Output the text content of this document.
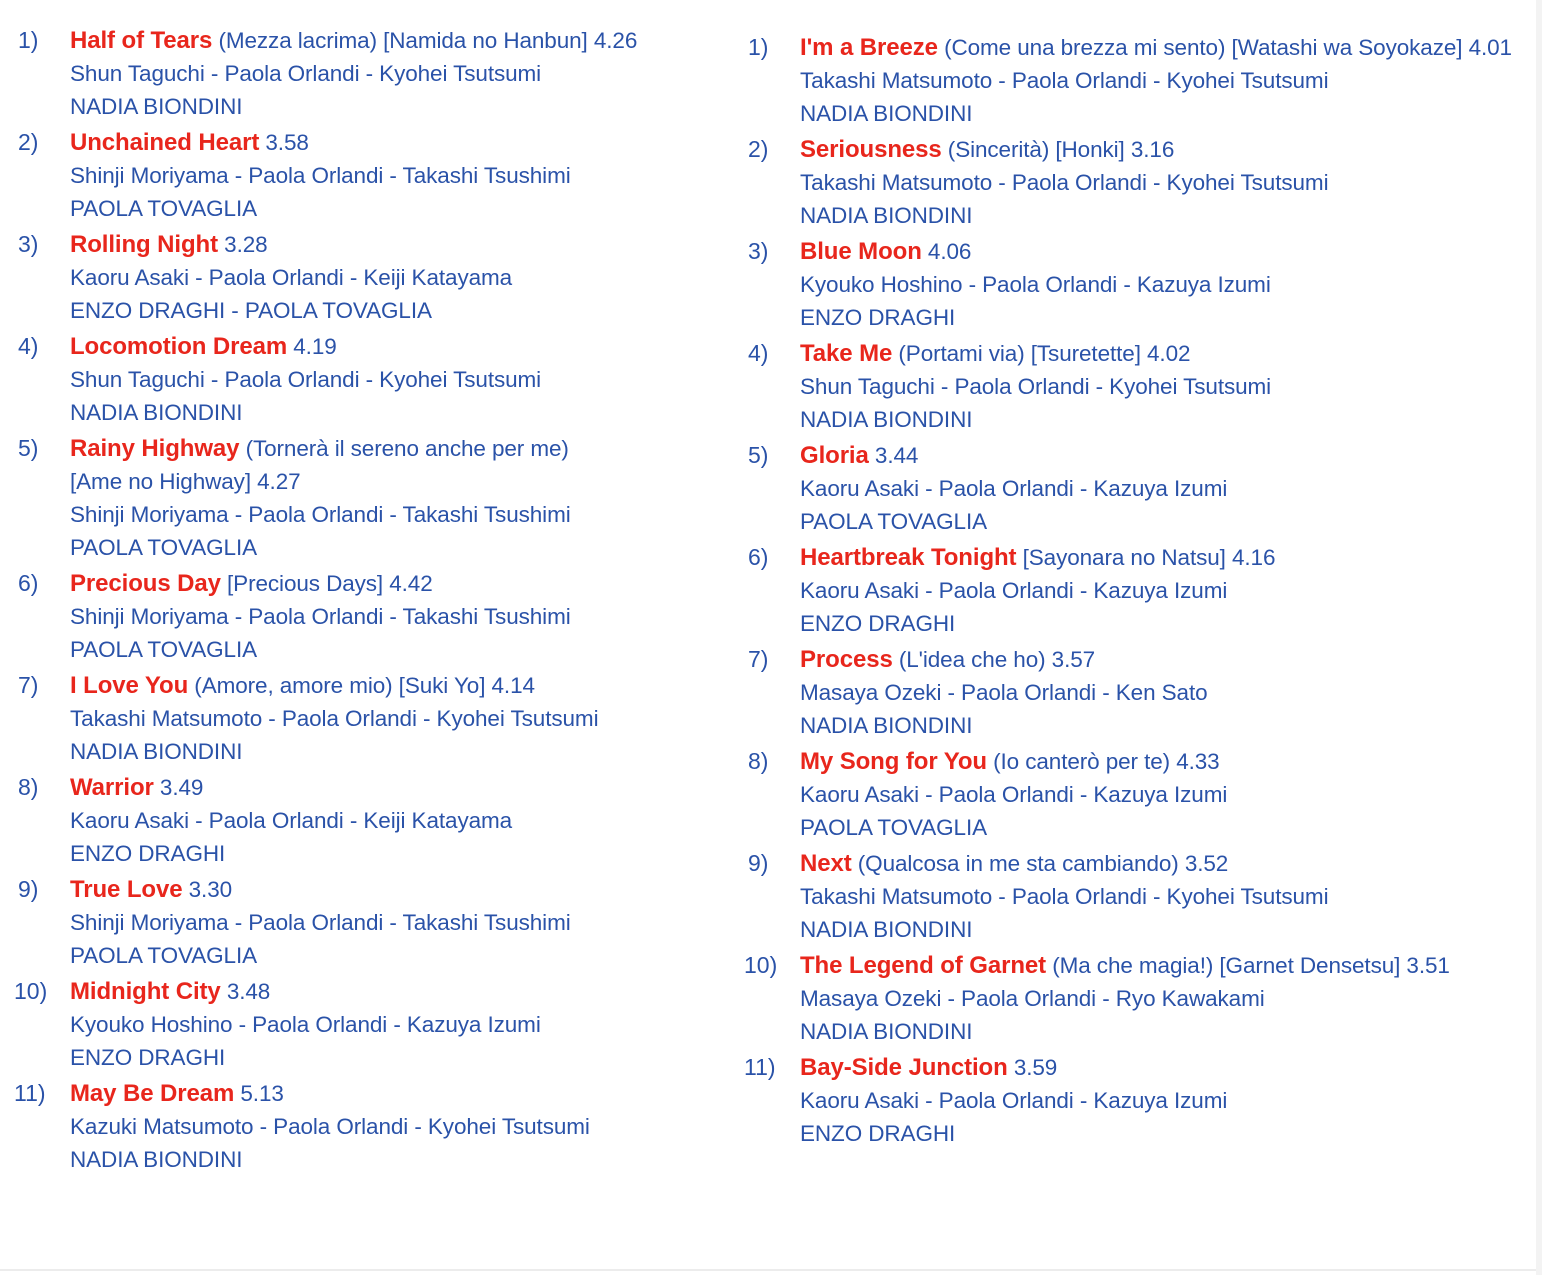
1) Half of Tears (Mezza lacrima) [Namida no Hanbun] 4.26
Shun Taguchi - Paola Orlandi - Kyohei Tsutsumi
NADIA BIONDINI
2) Unchained Heart 3.58
Shinji Moriyama - Paola Orlandi - Takashi Tsushimi
PAOLA TOVAGLIA
3) Rolling Night 3.28
Kaoru Asaki - Paola Orlandi - Keiji Katayama
ENZO DRAGHI - PAOLA TOVAGLIA
4) Locomotion Dream 4.19
Shun Taguchi - Paola Orlandi - Kyohei Tsutsumi
NADIA BIONDINI
5) Rainy Highway (Tornerà il sereno anche per me)
[Ame no Highway] 4.27
Shinji Moriyama - Paola Orlandi - Takashi Tsushimi
PAOLA TOVAGLIA
6) Precious Day [Precious Days] 4.42
Shinji Moriyama - Paola Orlandi - Takashi Tsushimi
PAOLA TOVAGLIA
7) I Love You (Amore, amore mio) [Suki Yo] 4.14
Takashi Matsumoto - Paola Orlandi - Kyohei Tsutsumi
NADIA BIONDINI
8) Warrior 3.49
Kaoru Asaki - Paola Orlandi - Keiji Katayama
ENZO DRAGHI
9) True Love 3.30
Shinji Moriyama - Paola Orlandi - Takashi Tsushimi
PAOLA TOVAGLIA
10) Midnight City 3.48
Kyouko Hoshino - Paola Orlandi - Kazuya Izumi
ENZO DRAGHI
11) May Be Dream 5.13
Kazuki Matsumoto - Paola Orlandi - Kyohei Tsutsumi
NADIA BIONDINI
1) I'm a Breeze (Come una brezza mi sento) [Watashi wa Soyokaze] 4.01
Takashi Matsumoto - Paola Orlandi - Kyohei Tsutsumi
NADIA BIONDINI
2) Seriousness (Sincerità) [Honki] 3.16
Takashi Matsumoto - Paola Orlandi - Kyohei Tsutsumi
NADIA BIONDINI
3) Blue Moon 4.06
Kyouko Hoshino - Paola Orlandi - Kazuya Izumi
ENZO DRAGHI
4) Take Me (Portami via) [Tsuretette] 4.02
Shun Taguchi - Paola Orlandi - Kyohei Tsutsumi
NADIA BIONDINI
5) Gloria 3.44
Kaoru Asaki - Paola Orlandi - Kazuya Izumi
PAOLA TOVAGLIA
6) Heartbreak Tonight [Sayonara no Natsu] 4.16
Kaoru Asaki - Paola Orlandi - Kazuya Izumi
ENZO DRAGHI
7) Process (L'idea che ho) 3.57
Masaya Ozeki - Paola Orlandi - Ken Sato
NADIA BIONDINI
8) My Song for You (Io canterò per te) 4.33
Kaoru Asaki - Paola Orlandi - Kazuya Izumi
PAOLA TOVAGLIA
9) Next (Qualcosa in me sta cambiando) 3.52
Takashi Matsumoto - Paola Orlandi - Kyohei Tsutsumi
NADIA BIONDINI
10) The Legend of Garnet (Ma che magia!) [Garnet Densetsu] 3.51
Masaya Ozeki - Paola Orlandi - Ryo Kawakami
NADIA BIONDINI
11) Bay-Side Junction 3.59
Kaoru Asaki - Paola Orlandi - Kazuya Izumi
ENZO DRAGHI
